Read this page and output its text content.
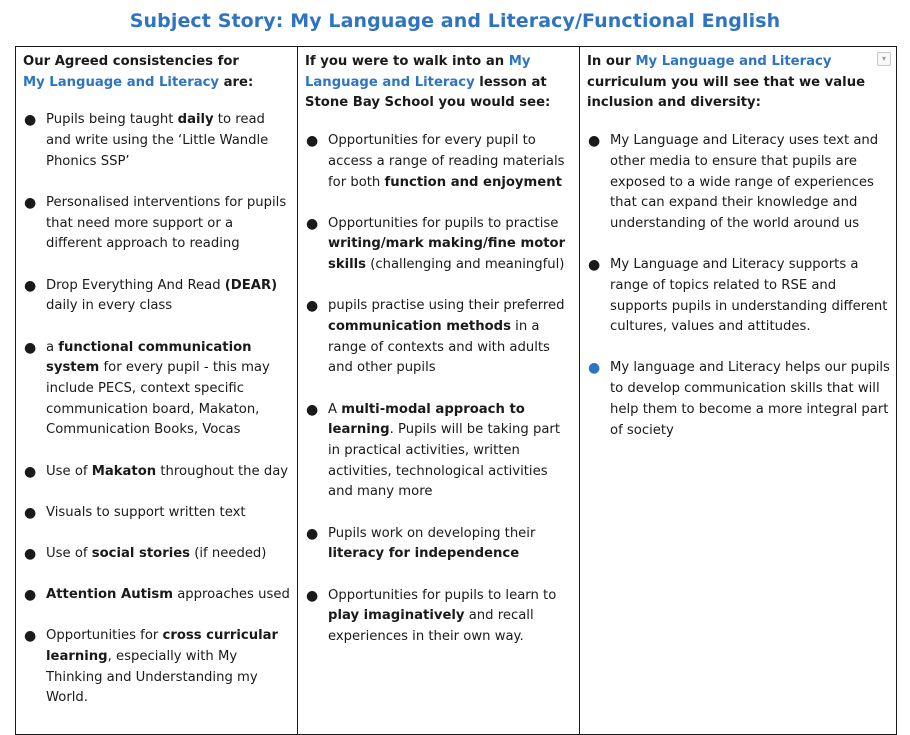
Subject Story: My Language and Literacy/Functional English
Our Agreed consistencies for
My Language and Literacy are:
● Pupils being taught daily to read and write using the ‘Little Wandle Phonics SSP’
● Personalised interventions for pupils that need more support or a different approach to reading
● Drop Everything And Read (DEAR) daily in every class
● a functional communication system for every pupil - this may include PECS, context specific communication board, Makaton, Communication Books, Vocas
● Use of Makaton throughout the day
● Visuals to support written text
● Use of social stories (if needed)
● Attention Autism approaches used
● Opportunities for cross curricular learning, especially with My Thinking and Understanding my World.

If you were to walk into an My Language and Literacy lesson at Stone Bay School you would see:
● Opportunities for every pupil to access a range of reading materials for both function and enjoyment
● Opportunities for pupils to practise writing/mark making/fine motor skills (challenging and meaningful)
● pupils practise using their preferred communication methods in a range of contexts and with adults and other pupils
● A multi-modal approach to learning. Pupils will be taking part in practical activities, written activities, technological activities and many more
● Pupils work on developing their literacy for independence
● Opportunities for pupils to learn to play imaginatively and recall experiences in their own way.

▾
In our My Language and Literacy curriculum you will see that we value inclusion and diversity:
● My Language and Literacy uses text and other media to ensure that pupils are exposed to a wide range of experiences that can expand their knowledge and understanding of the world around us
● My Language and Literacy supports a range of topics related to RSE and supports pupils in understanding different cultures, values and attitudes.
● My language and Literacy helps our pupils to develop communication skills that will help them to become a more integral part of society
